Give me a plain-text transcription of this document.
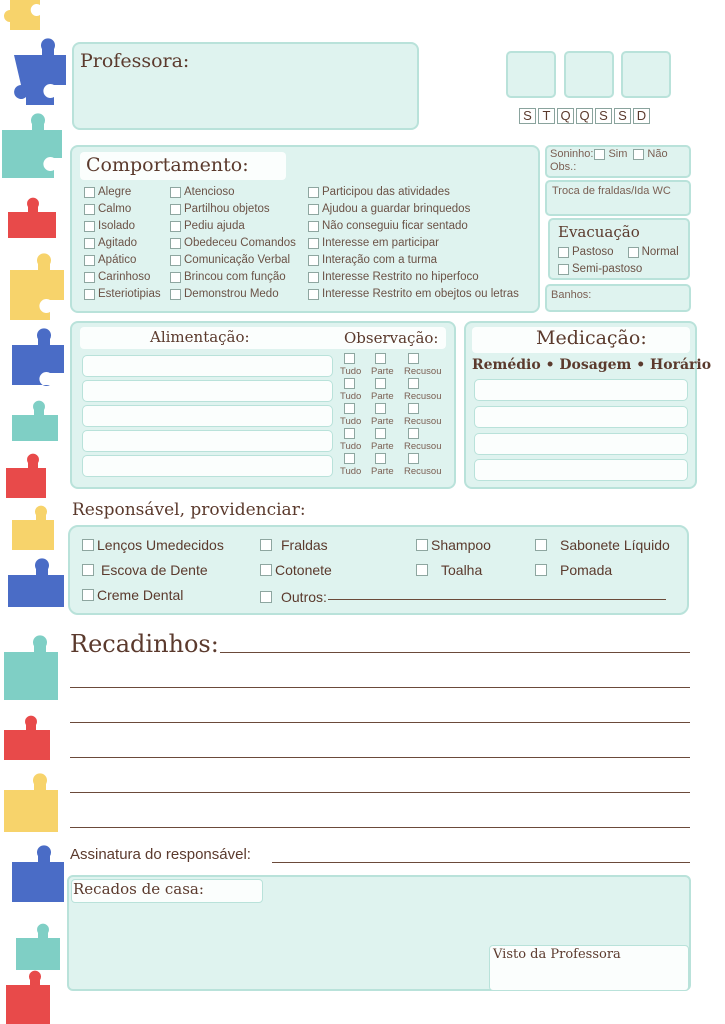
Professora:
S T Q Q S S D
Comportamento:
Alegre
Calmo
Isolado
Agitado
Apático
Carinhoso
Esteriotipias
Atencioso
Partilhou objetos
Pediu ajuda
Obedeceu Comandos
Comunicação Verbal
Brincou com função
Demonstrou Medo
Participou das atividades
Ajudou a guardar brinquedos
Não conseguiu ficar sentado
Interesse em participar
Interação com a turma
Interesse Restrito no hiperfoco
Interesse Restrito em obejtos ou letras
Soninho: Sim Não
Obs.:
Troca de fraldas/Ida WC
Evacuação
Pastoso Normal
Semi-pastoso
Banhos:
Alimentação:	Observação:
Tudo Parte Recusou
Tudo Parte Recusou
Tudo Parte Recusou
Tudo Parte Recusou
Tudo Parte Recusou
Medicação:
Remédio • Dosagem • Horário
Responsável, providenciar:
Lenços Umedecidos	Fraldas	Shampoo	Sabonete Líquido
Escova de Dente	Cotonete	Toalha	Pomada
Creme Dental	Outros:
Recadinhos:
Assinatura do responsável:
Recados de casa:
Visto da Professora
